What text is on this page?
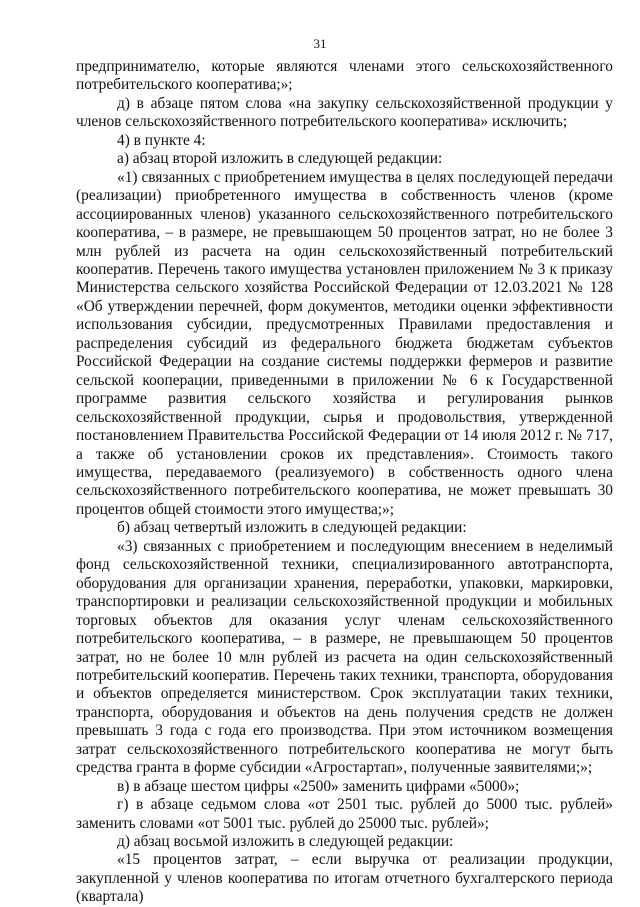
31

предпринимателю, которые являются членами этого сельскохозяйственного потребительского кооператива;»;

д) в абзаце пятом слова «на закупку сельскохозяйственной продукции у членов сельскохозяйственного потребительского кооператива» исключить;

4) в пункте 4:

а) абзац второй изложить в следующей редакции:

«1) связанных с приобретением имущества в целях последующей передачи (реализации) приобретенного имущества в собственность членов (кроме ассоциированных членов) указанного сельскохозяйственного потребительского кооператива, – в размере, не превышающем 50 процентов затрат, но не более 3 млн рублей из расчета на один сельскохозяйственный потребительский кооператив. Перечень такого имущества установлен приложением № 3 к приказу Министерства сельского хозяйства Российской Федерации от 12.03.2021 № 128 «Об утверждении перечней, форм документов, методики оценки эффективности использования субсидии, предусмотренных Правилами предоставления и распределения субсидий из федерального бюджета бюджетам субъектов Российской Федерации на создание системы поддержки фермеров и развитие сельской кооперации, приведенными в приложении № 6 к Государственной программе развития сельского хозяйства и регулирования рынков сельскохозяйственной продукции, сырья и продовольствия, утвержденной постановлением Правительства Российской Федерации от 14 июля 2012 г. № 717, а также об установлении сроков их представления». Стоимость такого имущества, передаваемого (реализуемого) в собственность одного члена сельскохозяйственного потребительского кооператива, не может превышать 30 процентов общей стоимости этого имущества;»;

б) абзац четвертый изложить в следующей редакции:

«3) связанных с приобретением и последующим внесением в неделимый фонд сельскохозяйственной техники, специализированного автотранспорта, оборудования для организации хранения, переработки, упаковки, маркировки, транспортировки и реализации сельскохозяйственной продукции и мобильных торговых объектов для оказания услуг членам сельскохозяйственного потребительского кооператива, – в размере, не превышающем 50 процентов затрат, но не более 10 млн рублей из расчета на один сельскохозяйственный потребительский кооператив. Перечень таких техники, транспорта, оборудования и объектов определяется министерством. Срок эксплуатации таких техники, транспорта, оборудования и объектов на день получения средств не должен превышать 3 года с года его производства. При этом источником возмещения затрат сельскохозяйственного потребительского кооператива не могут быть средства гранта в форме субсидии «Агростартап», полученные заявителями;»;

в) в абзаце шестом цифры «2500» заменить цифрами «5000»;

г) в абзаце седьмом слова «от 2501 тыс. рублей до 5000 тыс. рублей» заменить словами «от 5001 тыс. рублей до 25000 тыс. рублей»;

д) абзац восьмой изложить в следующей редакции:

«15 процентов затрат, – если выручка от реализации продукции, закупленной у членов кооператива по итогам отчетного бухгалтерского периода (квартала)
